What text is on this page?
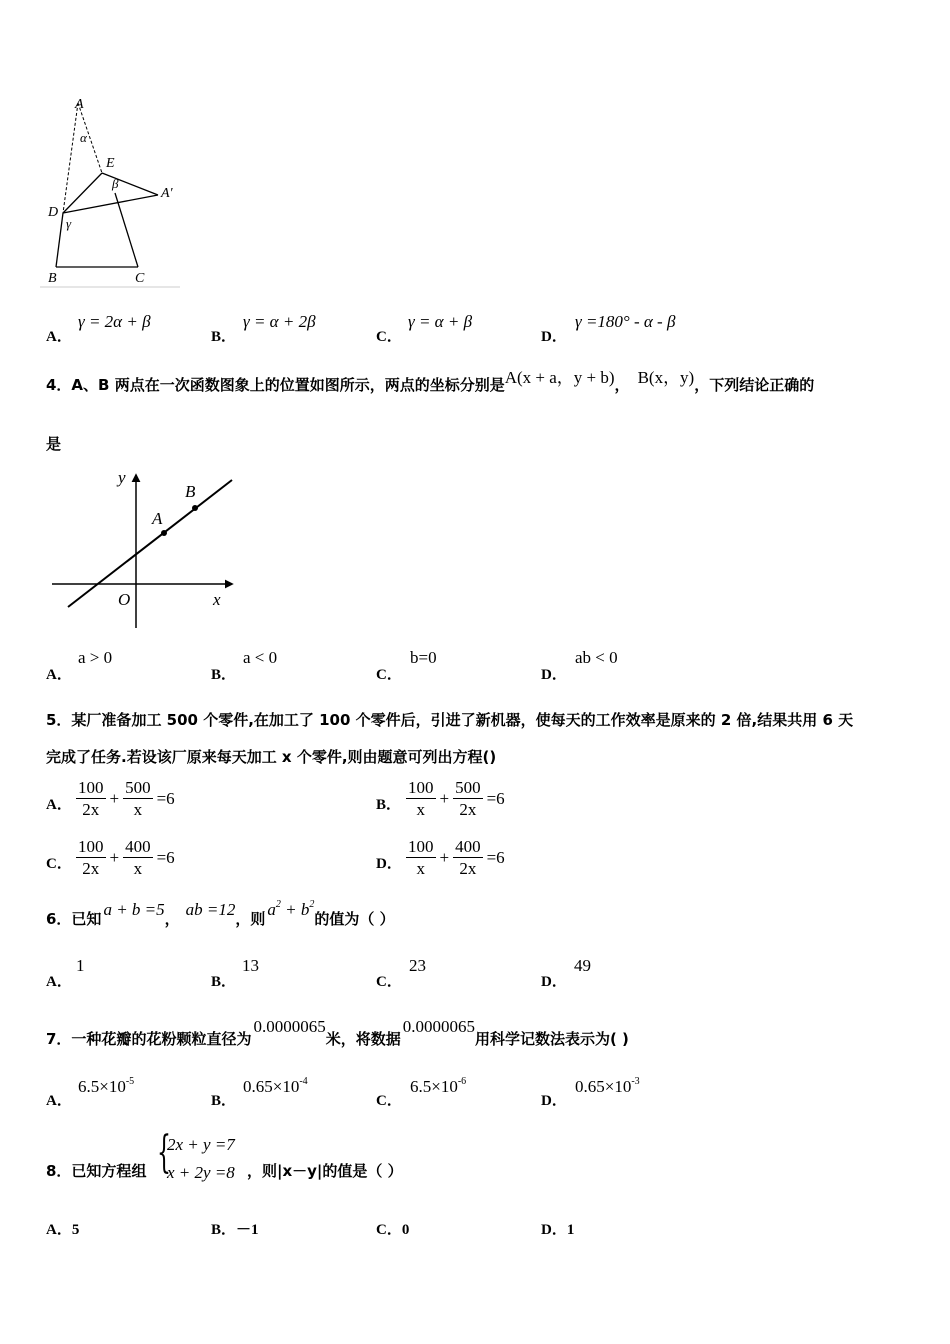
A
α
E
β
A′
D
γ
B	C
A．
γ = 2α + β
B．
γ = α + 2β
C．
γ = α + β
D．
γ =180° - α - β
4．A、B 两点在一次函数图象上的位置如图所示，两点的坐标分别是 A(x + a，y + b) ， B(x，y) ，下列结论正确的
是
y
B
A
O	x
A．
a > 0
B．
a < 0
C．
b=0
D．
ab < 0
5．某厂准备加工 500 个零件,在加工了 100 个零件后，引进了新机器，使每天的工作效率是原来的 2 倍,结果共用 6 天
完成了任务.若设该厂原来每天加工 x 个零件,则由题意可列出方程()
A． $\frac{100}{2x} + \frac{500}{x} =6$	B． $\frac{100}{x} + \frac{500}{2x} =6$
C． $\frac{100}{2x} + \frac{400}{x} =6$	D． $\frac{100}{x} + \frac{400}{2x} =6$
6．已知
a + b =5
，
ab =12
，则 $a^2 + b^2$
的值为（ ）
A．
1
B．
13
C．
23
D．
49
7．一种花瓣的花粉颗粒直径为
0.0000065
米，将数据
0.0000065
用科学记数法表示为( )
A．
$6.5\times 10^{-5}$
B．
$0.65\times 10^{-4}$
C．
$6.5\times 10^{-6}$
D．
$0.65\times 10^{-3}$
8．已知方程组 {
2x + y =7
x + 2y =8 ，则|x－y|的值是（ ）
A．5	B．－1	C．0	D．1
